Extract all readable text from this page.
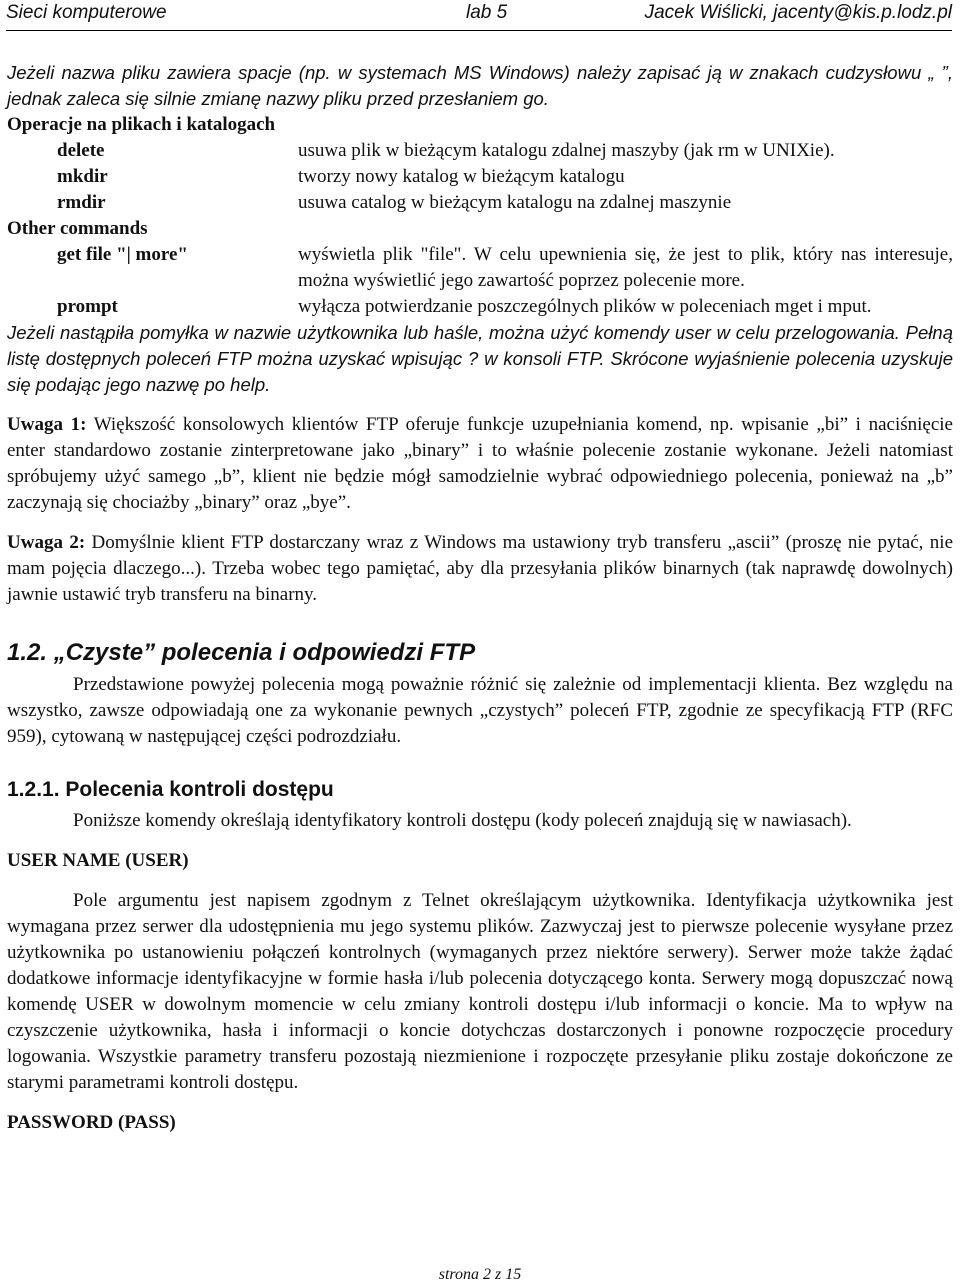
Sieci komputerowe	lab 5	Jacek Wiślicki, jacenty@kis.p.lodz.pl

Jeżeli nazwa pliku zawiera spacje (np. w systemach MS Windows) należy zapisać ją w znakach cudzysłowu „ ”, jednak zaleca się silnie zmianę nazwy pliku przed przesłaniem go.

Operacje na plikach i katalogach
delete	usuwa plik w bieżącym katalogu zdalnej maszyby (jak rm w UNIXie).
mkdir	tworzy nowy katalog w bieżącym katalogu
rmdir	usuwa catalog w bieżącym katalogu na zdalnej maszynie
Other commands
get file "| more"	wyświetla plik "file". W celu upewnienia się, że jest to plik, który nas interesuje, można wyświetlić jego zawartość poprzez polecenie more.
prompt	wyłącza potwierdzanie poszczególnych plików w poleceniach mget i mput.

Jeżeli nastąpiła pomyłka w nazwie użytkownika lub haśle, można użyć komendy user w celu przelogowania. Pełną listę dostępnych poleceń FTP można uzyskać wpisując ? w konsoli FTP. Skrócone wyjaśnienie polecenia uzyskuje się podając jego nazwę po help.

Uwaga 1: Większość konsolowych klientów FTP oferuje funkcje uzupełniania komend, np. wpisanie „bi” i naciśnięcie enter standardowo zostanie zinterpretowane jako „binary” i to właśnie polecenie zostanie wykonane. Jeżeli natomiast spróbujemy użyć samego „b”, klient nie będzie mógł samodzielnie wybrać odpowiedniego polecenia, ponieważ na „b” zaczynają się chociażby „binary” oraz „bye”.

Uwaga 2: Domyślnie klient FTP dostarczany wraz z Windows ma ustawiony tryb transferu „ascii” (proszę nie pytać, nie mam pojęcia dlaczego...). Trzeba wobec tego pamiętać, aby dla przesyłania plików binarnych (tak naprawdę dowolnych) jawnie ustawić tryb transferu na binarny.

1.2. „Czyste” polecenia i odpowiedzi FTP

Przedstawione powyżej polecenia mogą poważnie różnić się zależnie od implementacji klienta. Bez względu na wszystko, zawsze odpowiadają one za wykonanie pewnych „czystych” poleceń FTP, zgodnie ze specyfikacją FTP (RFC 959), cytowaną w następującej części podrozdziału.

1.2.1. Polecenia kontroli dostępu

Poniższe komendy określają identyfikatory kontroli dostępu (kody poleceń znajdują się w nawiasach).

USER NAME (USER)

Pole argumentu jest napisem zgodnym z Telnet określającym użytkownika. Identyfikacja użytkownika jest wymagana przez serwer dla udostępnienia mu jego systemu plików. Zazwyczaj jest to pierwsze polecenie wysyłane przez użytkownika po ustanowieniu połączeń kontrolnych (wymaganych przez niektóre serwery). Serwer może także żądać dodatkowe informacje identyfikacyjne w formie hasła i/lub polecenia dotyczącego konta. Serwery mogą dopuszczać nową komendę USER w dowolnym momencie w celu zmiany kontroli dostępu i/lub informacji o koncie. Ma to wpływ na czyszczenie użytkownika, hasła i informacji o koncie dotychczas dostarczonych i ponowne rozpoczęcie procedury logowania. Wszystkie parametry transferu pozostają niezmienione i rozpoczęte przesyłanie pliku zostaje dokończone ze starymi parametrami kontroli dostępu.

PASSWORD (PASS)

strona 2 z 15
